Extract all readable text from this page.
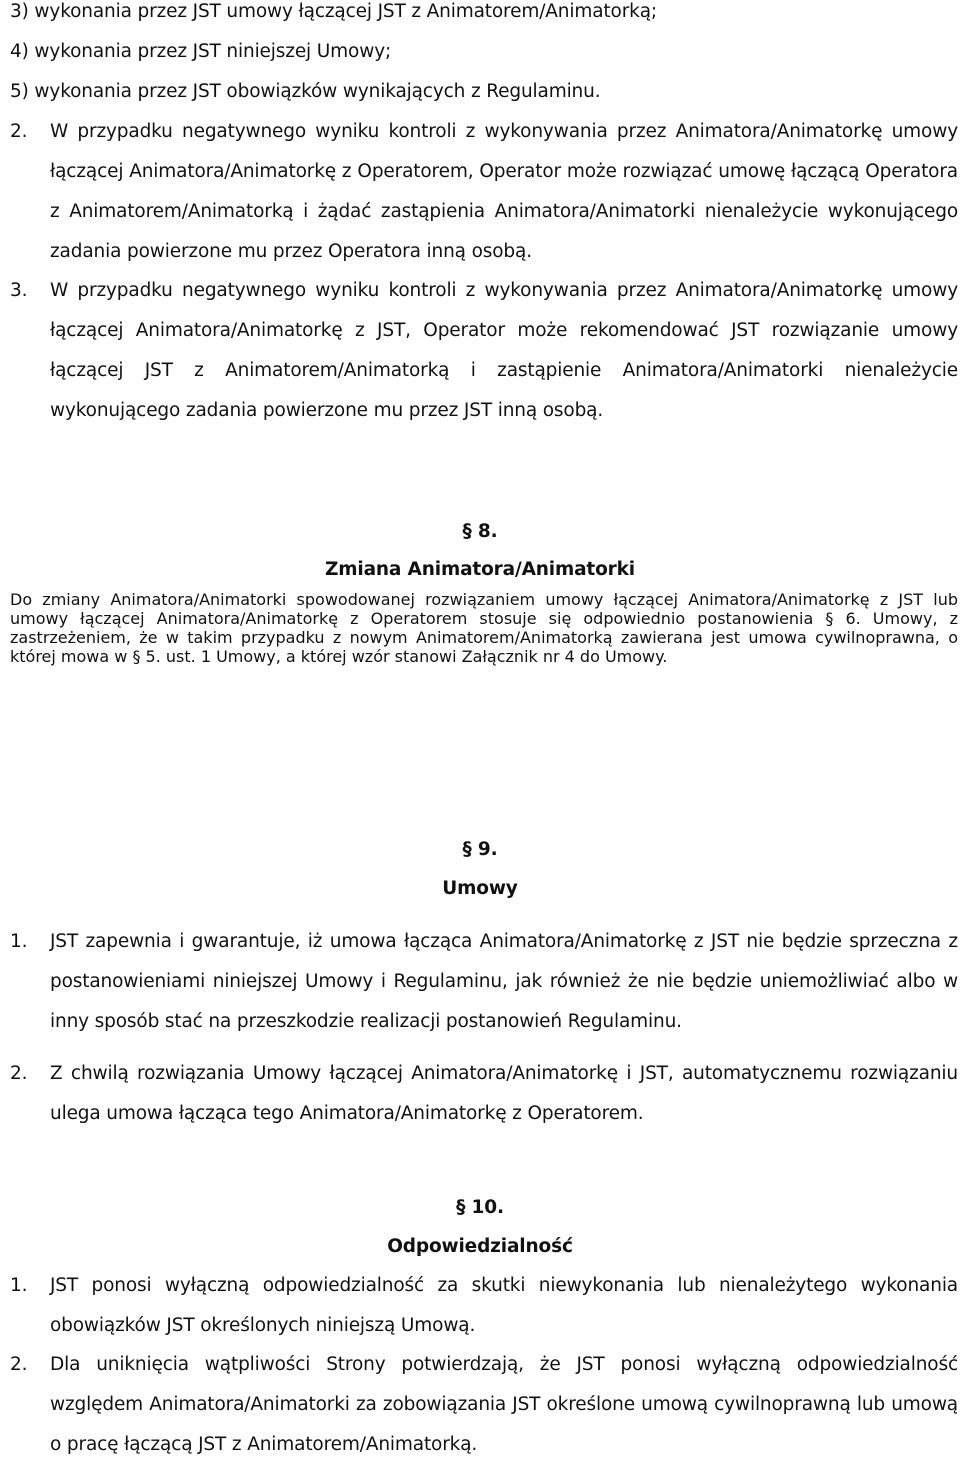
3) wykonania przez JST umowy łączącej JST z Animatorem/Animatorką;
4) wykonania przez JST niniejszej Umowy;
5) wykonania przez JST obowiązków wynikających z Regulaminu.
2.	W przypadku negatywnego wyniku kontroli z wykonywania przez Animatora/Animatorkę umowy łączącej Animatora/Animatorkę z Operatorem, Operator może rozwiązać umowę łączącą Operatora z Animatorem/Animatorką i żądać zastąpienia Animatora/Animatorki nienależycie wykonującego zadania powierzone mu przez Operatora inną osobą.
3.	W przypadku negatywnego wyniku kontroli z wykonywania przez Animatora/Animatorkę umowy łączącej Animatora/Animatorkę z JST, Operator może rekomendować JST rozwiązanie umowy łączącej JST z Animatorem/Animatorką i zastąpienie Animatora/Animatorki nienależycie wykonującego zadania powierzone mu przez JST inną osobą.
§ 8.
Zmiana Animatora/Animatorki
Do zmiany Animatora/Animatorki spowodowanej rozwiązaniem umowy łączącej Animatora/Animatorkę z JST lub umowy łączącej Animatora/Animatorkę z Operatorem stosuje się odpowiednio postanowienia § 6. Umowy, z zastrzeżeniem, że w takim przypadku z nowym Animatorem/Animatorką zawierana jest umowa cywilnoprawna, o której mowa w § 5. ust. 1 Umowy, a której wzór stanowi Załącznik nr 4 do Umowy.
§ 9.
Umowy
1.	JST zapewnia i gwarantuje, iż umowa łącząca Animatora/Animatorkę z JST nie będzie sprzeczna z postanowieniami niniejszej Umowy i Regulaminu, jak również że nie będzie uniemożliwiać albo w inny sposób stać na przeszkodzie realizacji postanowień Regulaminu.
2.	Z chwilą rozwiązania Umowy łączącej Animatora/Animatorkę i JST, automatycznemu rozwiązaniu ulega umowa łącząca tego Animatora/Animatorkę z Operatorem.
§ 10.
Odpowiedzialność
1.	JST ponosi wyłączną odpowiedzialność za skutki niewykonania lub nienależytego wykonania obowiązków JST określonych niniejszą Umową.
2.	Dla uniknięcia wątpliwości Strony potwierdzają, że JST ponosi wyłączną odpowiedzialność względem Animatora/Animatorki za zobowiązania JST określone umową cywilnoprawną lub umową o pracę łączącą JST z Animatorem/Animatorką.
